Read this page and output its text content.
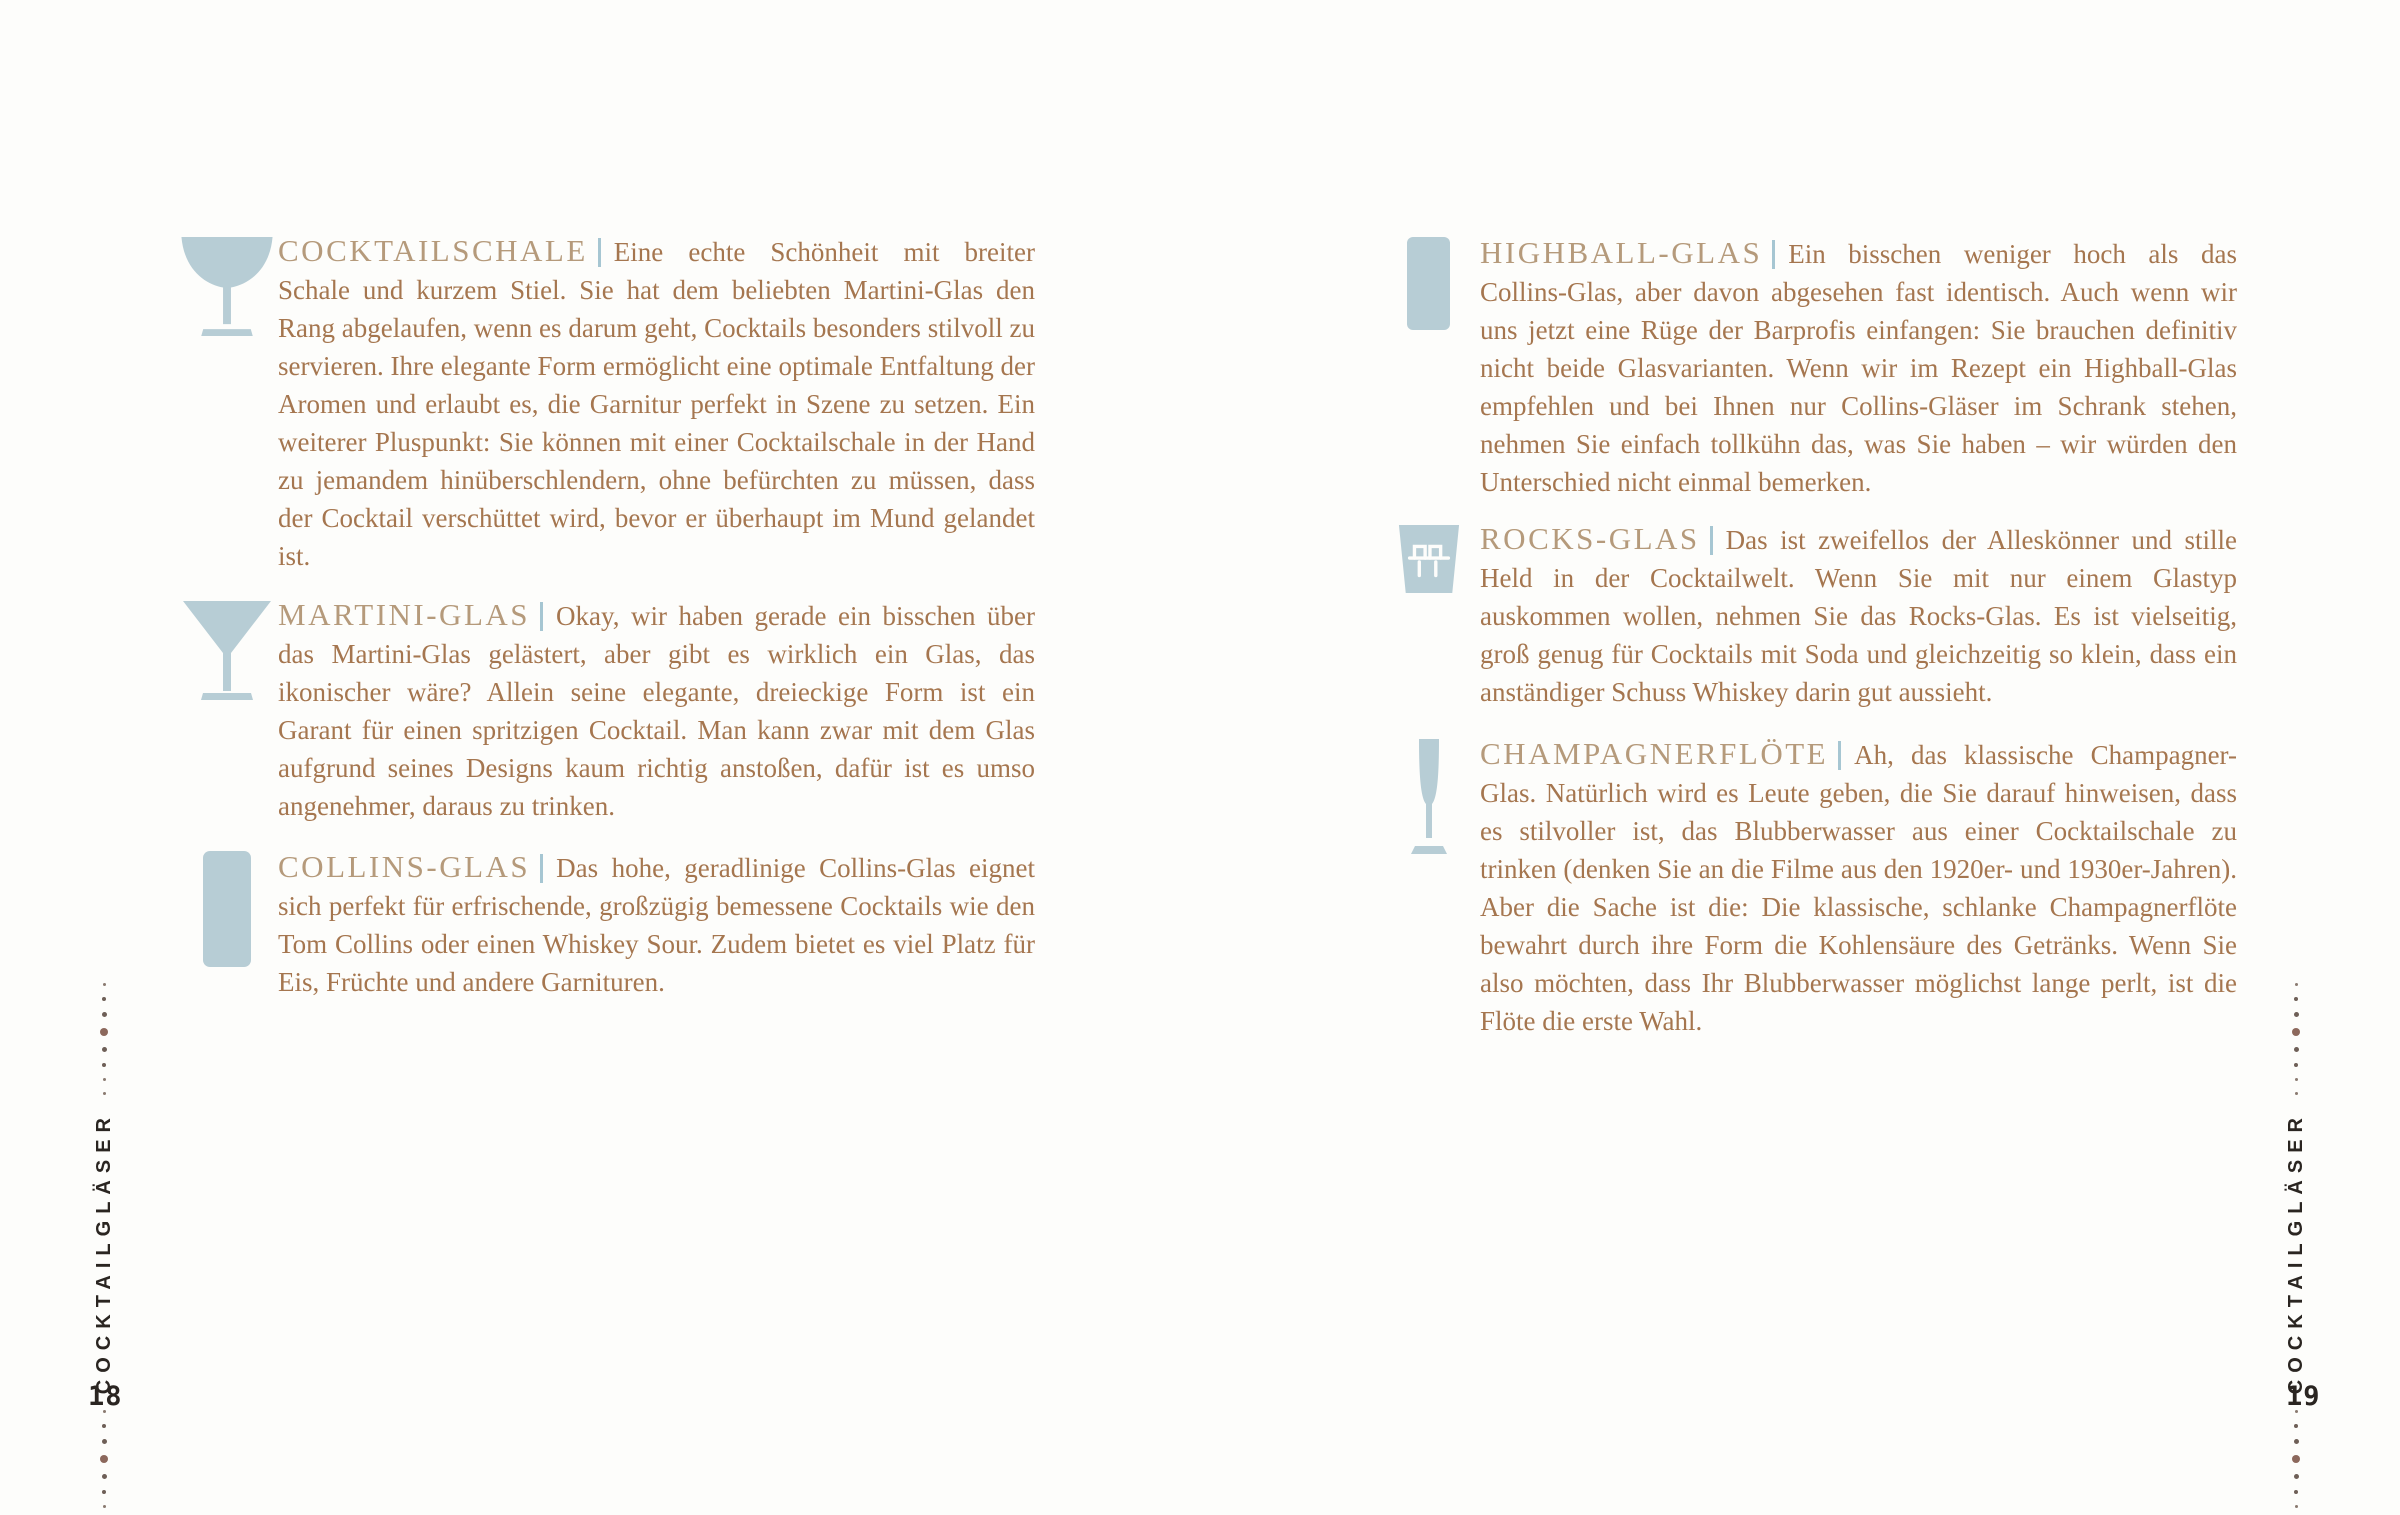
COCKTAILSCHALE Eine echte Schönheit mit breiter Schale und kurzem Stiel. Sie hat dem beliebten Martini-Glas den Rang abgelaufen, wenn es darum geht, Cocktails besonders stilvoll zu servieren. Ihre elegante Form ermöglicht eine optimale Entfaltung der Aromen und erlaubt es, die Garnitur perfekt in Szene zu setzen. Ein weiterer Pluspunkt: Sie können mit einer Cocktailschale in der Hand zu jemandem hinüberschlendern, ohne befürchten zu müssen, dass der Cocktail verschüttet wird, bevor er überhaupt im Mund gelandet ist.

MARTINI-GLAS Okay, wir haben gerade ein bisschen über das Martini-Glas gelästert, aber gibt es wirklich ein Glas, das ikonischer wäre? Allein seine elegante, dreieckige Form ist ein Garant für einen spritzigen Cocktail. Man kann zwar mit dem Glas aufgrund seines Designs kaum richtig anstoßen, dafür ist es umso angenehmer, daraus zu trinken.

COLLINS-GLAS Das hohe, geradlinige Collins-Glas eignet sich perfekt für erfrischende, großzügig bemessene Cocktails wie den Tom Collins oder einen Whiskey Sour. Zudem bietet es viel Platz für Eis, Früchte und andere Garnituren.

HIGHBALL-GLAS Ein bisschen weniger hoch als das Collins-Glas, aber davon abgesehen fast identisch. Auch wenn wir uns jetzt eine Rüge der Barprofis einfangen: Sie brauchen definitiv nicht beide Glasvarianten. Wenn wir im Rezept ein Highball-Glas empfehlen und bei Ihnen nur Collins-Gläser im Schrank stehen, nehmen Sie einfach tollkühn das, was Sie haben – wir würden den Unterschied nicht einmal bemerken.

ROCKS-GLAS Das ist zweifellos der Alleskönner und stille Held in der Cocktailwelt. Wenn Sie mit nur einem Glastyp auskommen wollen, nehmen Sie das Rocks-Glas. Es ist vielseitig, groß genug für Cocktails mit Soda und gleichzeitig so klein, dass ein anständiger Schuss Whiskey darin gut aussieht.

CHAMPAGNERFLÖTE Ah, das klassische Champagner-Glas. Natürlich wird es Leute geben, die Sie darauf hinweisen, dass es stilvoller ist, das Blubberwasser aus einer Cocktailschale zu trinken (denken Sie an die Filme aus den 1920er- und 1930er-Jahren). Aber die Sache ist die: Die klassische, schlanke Champagnerflöte bewahrt durch ihre Form die Kohlensäure des Getränks. Wenn Sie also möchten, dass Ihr Blubberwasser möglichst lange perlt, ist die Flöte die erste Wahl.

COCKTAILGLÄSER	COCKTAILGLÄSER
18	19
